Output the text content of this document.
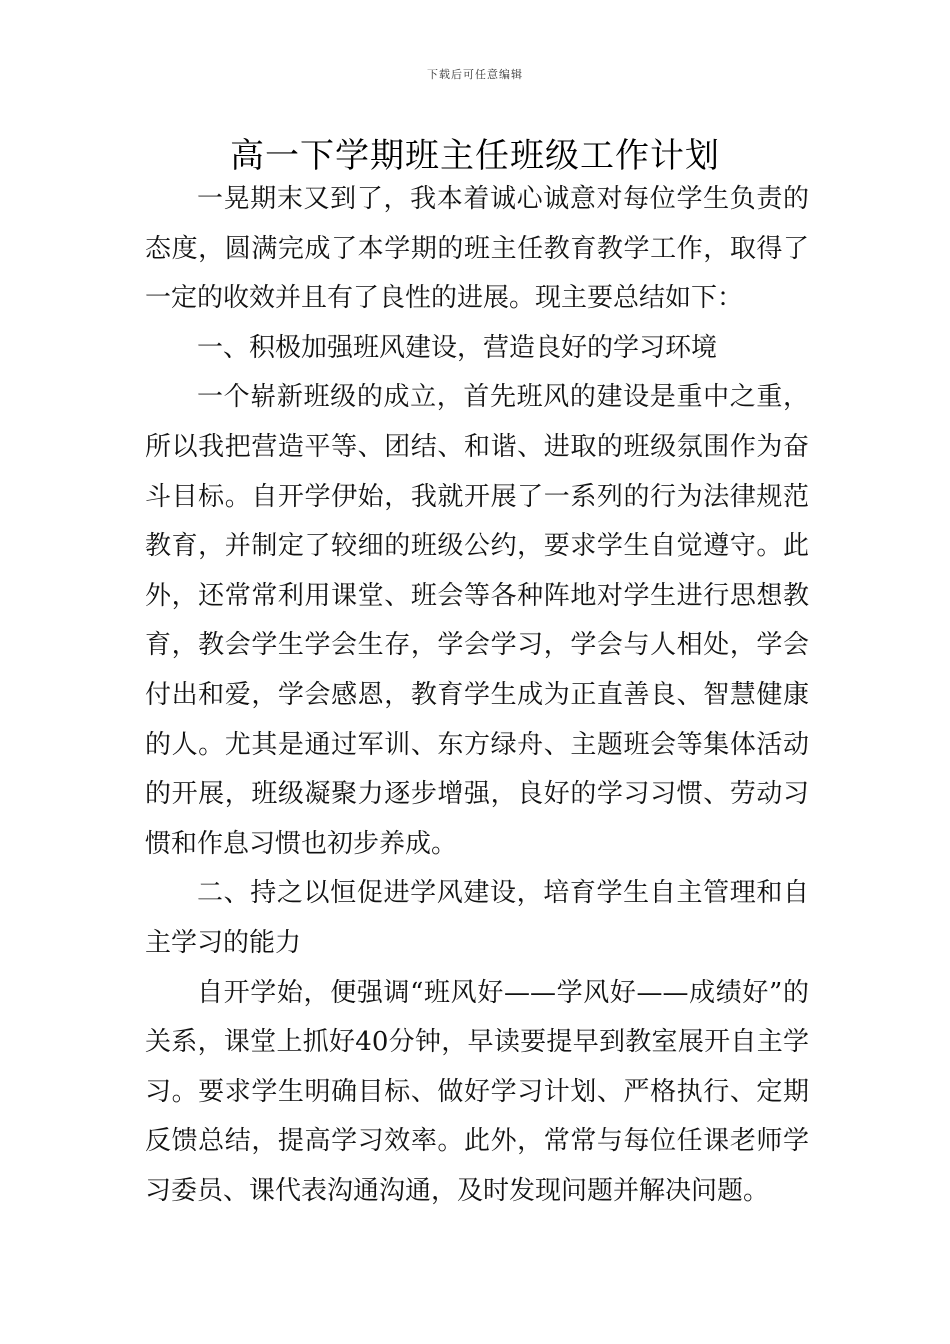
下载后可任意编辑
高一下学期班主任班级工作计划

一晃期末又到了，我本着诚心诚意对每位学生负责的态度，圆满完成了本学期的班主任教育教学工作，取得了一定的收效并且有了良性的进展。现主要总结如下：

一、积极加强班风建设，营造良好的学习环境

一个崭新班级的成立，首先班风的建设是重中之重，所以我把营造平等、团结、和谐、进取的班级氛围作为奋斗目标。自开学伊始，我就开展了一系列的行为法律规范教育，并制定了较细的班级公约，要求学生自觉遵守。此外，还常常利用课堂、班会等各种阵地对学生进行思想教育，教会学生学会生存，学会学习，学会与人相处，学会付出和爱，学会感恩，教育学生成为正直善良、智慧健康的人。尤其是通过军训、东方绿舟、主题班会等集体活动的开展，班级凝聚力逐步增强，良好的学习习惯、劳动习惯和作息习惯也初步养成。

二、持之以恒促进学风建设，培育学生自主管理和自主学习的能力

自开学始，便强调“班风好——学风好——成绩好”的关系，课堂上抓好40分钟，早读要提早到教室展开自主学习。要求学生明确目标、做好学习计划、严格执行、定期反馈总结，提高学习效率。此外，常常与每位任课老师学习委员、课代表沟通沟通，及时发现问题并解决问题。
